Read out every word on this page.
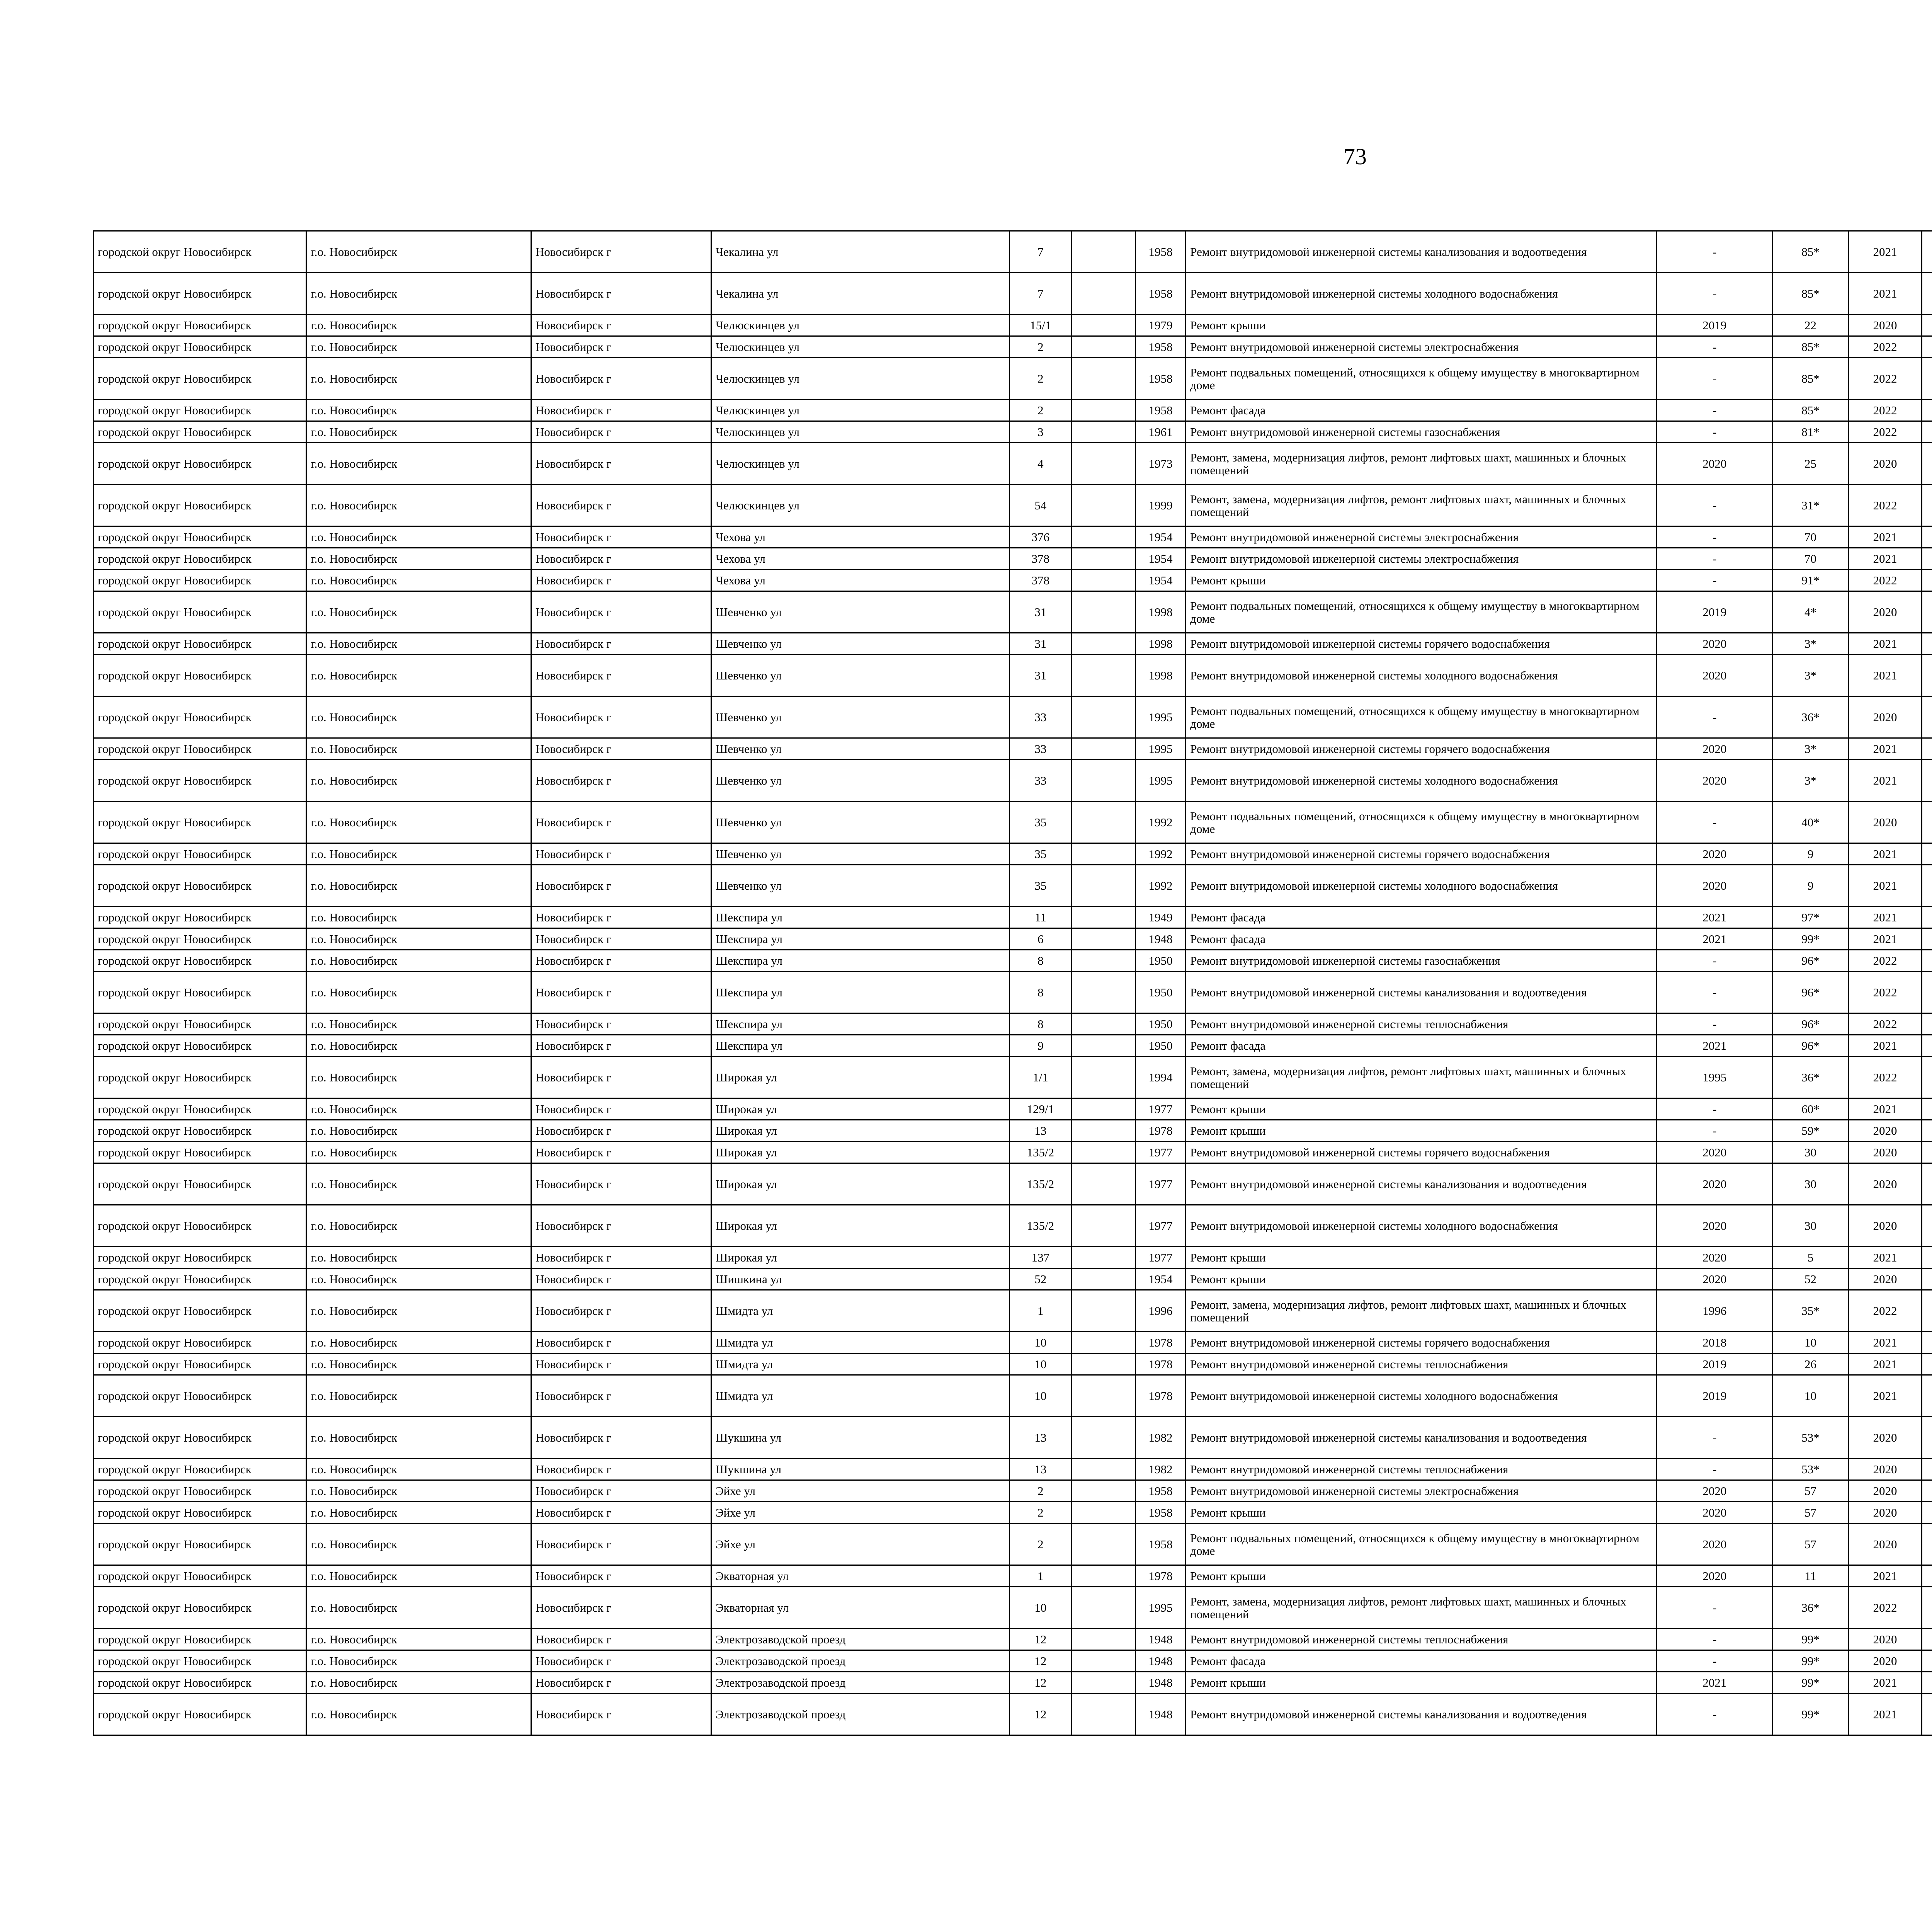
73
городской округ Новосибирск	г.о. Новосибирск	Новосибирск г	Чекалина ул	7		1958	Ремонт внутридомовой инженерной системы канализования и водоотведения	-	85*	2021							
городской округ Новосибирск	г.о. Новосибирск	Новосибирск г	Чекалина ул	7		1958	Ремонт внутридомовой инженерной системы холодного водоснабжения	-	85*	2021							
городской округ Новосибирск	г.о. Новосибирск	Новосибирск г	Челюскинцев ул	15/1		1979	Ремонт крыши	2019	22	2020							
городской округ Новосибирск	г.о. Новосибирск	Новосибирск г	Челюскинцев ул	2		1958	Ремонт внутридомовой инженерной системы электроснабжения	-	85*	2022							
городской округ Новосибирск	г.о. Новосибирск	Новосибирск г	Челюскинцев ул	2		1958	Ремонт подвальных помещений, относящихся к общему имуществу в многоквартирном доме	-	85*	2022							
городской округ Новосибирск	г.о. Новосибирск	Новосибирск г	Челюскинцев ул	2		1958	Ремонт фасада	-	85*	2022							
городской округ Новосибирск	г.о. Новосибирск	Новосибирск г	Челюскинцев ул	3		1961	Ремонт внутридомовой инженерной системы газоснабжения	-	81*	2022							
городской округ Новосибирск	г.о. Новосибирск	Новосибирск г	Челюскинцев ул	4		1973	Ремонт, замена, модернизация лифтов, ремонт лифтовых шахт, машинных и блочных помещений	2020	25	2020							
городской округ Новосибирск	г.о. Новосибирск	Новосибирск г	Челюскинцев ул	54		1999	Ремонт, замена, модернизация лифтов, ремонт лифтовых шахт, машинных и блочных помещений	-	31*	2022							
городской округ Новосибирск	г.о. Новосибирск	Новосибирск г	Чехова ул	376		1954	Ремонт внутридомовой инженерной системы электроснабжения	-	70	2021							
городской округ Новосибирск	г.о. Новосибирск	Новосибирск г	Чехова ул	378		1954	Ремонт внутридомовой инженерной системы электроснабжения	-	70	2021							
городской округ Новосибирск	г.о. Новосибирск	Новосибирск г	Чехова ул	378		1954	Ремонт крыши	-	91*	2022							
городской округ Новосибирск	г.о. Новосибирск	Новосибирск г	Шевченко ул	31		1998	Ремонт подвальных помещений, относящихся к общему имуществу в многоквартирном доме	2019	4*	2020							
городской округ Новосибирск	г.о. Новосибирск	Новосибирск г	Шевченко ул	31		1998	Ремонт внутридомовой инженерной системы горячего водоснабжения	2020	3*	2021							
городской округ Новосибирск	г.о. Новосибирск	Новосибирск г	Шевченко ул	31		1998	Ремонт внутридомовой инженерной системы холодного водоснабжения	2020	3*	2021							
городской округ Новосибирск	г.о. Новосибирск	Новосибирск г	Шевченко ул	33		1995	Ремонт подвальных помещений, относящихся к общему имуществу в многоквартирном доме	-	36*	2020							
городской округ Новосибирск	г.о. Новосибирск	Новосибирск г	Шевченко ул	33		1995	Ремонт внутридомовой инженерной системы горячего водоснабжения	2020	3*	2021							
городской округ Новосибирск	г.о. Новосибирск	Новосибирск г	Шевченко ул	33		1995	Ремонт внутридомовой инженерной системы холодного водоснабжения	2020	3*	2021							
городской округ Новосибирск	г.о. Новосибирск	Новосибирск г	Шевченко ул	35		1992	Ремонт подвальных помещений, относящихся к общему имуществу в многоквартирном доме	-	40*	2020							
городской округ Новосибирск	г.о. Новосибирск	Новосибирск г	Шевченко ул	35		1992	Ремонт внутридомовой инженерной системы горячего водоснабжения	2020	9	2021							
городской округ Новосибирск	г.о. Новосибирск	Новосибирск г	Шевченко ул	35		1992	Ремонт внутридомовой инженерной системы холодного водоснабжения	2020	9	2021							
городской округ Новосибирск	г.о. Новосибирск	Новосибирск г	Шекспира ул	11		1949	Ремонт фасада	2021	97*	2021							
городской округ Новосибирск	г.о. Новосибирск	Новосибирск г	Шекспира ул	6		1948	Ремонт фасада	2021	99*	2021							
городской округ Новосибирск	г.о. Новосибирск	Новосибирск г	Шекспира ул	8		1950	Ремонт внутридомовой инженерной системы газоснабжения	-	96*	2022							
городской округ Новосибирск	г.о. Новосибирск	Новосибирск г	Шекспира ул	8		1950	Ремонт внутридомовой инженерной системы канализования и водоотведения	-	96*	2022							
городской округ Новосибирск	г.о. Новосибирск	Новосибирск г	Шекспира ул	8		1950	Ремонт внутридомовой инженерной системы теплоснабжения	-	96*	2022							
городской округ Новосибирск	г.о. Новосибирск	Новосибирск г	Шекспира ул	9		1950	Ремонт фасада	2021	96*	2021							
городской округ Новосибирск	г.о. Новосибирск	Новосибирск г	Широкая ул	1/1		1994	Ремонт, замена, модернизация лифтов, ремонт лифтовых шахт, машинных и блочных помещений	1995	36*	2022							
городской округ Новосибирск	г.о. Новосибирск	Новосибирск г	Широкая ул	129/1		1977	Ремонт крыши	-	60*	2021							
городской округ Новосибирск	г.о. Новосибирск	Новосибирск г	Широкая ул	13		1978	Ремонт крыши	-	59*	2020							
городской округ Новосибирск	г.о. Новосибирск	Новосибирск г	Широкая ул	135/2		1977	Ремонт внутридомовой инженерной системы горячего водоснабжения	2020	30	2020							
городской округ Новосибирск	г.о. Новосибирск	Новосибирск г	Широкая ул	135/2		1977	Ремонт внутридомовой инженерной системы канализования и водоотведения	2020	30	2020							
городской округ Новосибирск	г.о. Новосибирск	Новосибирск г	Широкая ул	135/2		1977	Ремонт внутридомовой инженерной системы холодного водоснабжения	2020	30	2020							
городской округ Новосибирск	г.о. Новосибирск	Новосибирск г	Широкая ул	137		1977	Ремонт крыши	2020	5	2021							
городской округ Новосибирск	г.о. Новосибирск	Новосибирск г	Шишкина ул	52		1954	Ремонт крыши	2020	52	2020							
городской округ Новосибирск	г.о. Новосибирск	Новосибирск г	Шмидта ул	1		1996	Ремонт, замена, модернизация лифтов, ремонт лифтовых шахт, машинных и блочных помещений	1996	35*	2022							
городской округ Новосибирск	г.о. Новосибирск	Новосибирск г	Шмидта ул	10		1978	Ремонт внутридомовой инженерной системы горячего водоснабжения	2018	10	2021							
городской округ Новосибирск	г.о. Новосибирск	Новосибирск г	Шмидта ул	10		1978	Ремонт внутридомовой инженерной системы теплоснабжения	2019	26	2021							
городской округ Новосибирск	г.о. Новосибирск	Новосибирск г	Шмидта ул	10		1978	Ремонт внутридомовой инженерной системы холодного водоснабжения	2019	10	2021							
городской округ Новосибирск	г.о. Новосибирск	Новосибирск г	Шукшина ул	13		1982	Ремонт внутридомовой инженерной системы канализования и водоотведения	-	53*	2020							
городской округ Новосибирск	г.о. Новосибирск	Новосибирск г	Шукшина ул	13		1982	Ремонт внутридомовой инженерной системы теплоснабжения	-	53*	2020							
городской округ Новосибирск	г.о. Новосибирск	Новосибирск г	Эйхе ул	2		1958	Ремонт внутридомовой инженерной системы электроснабжения	2020	57	2020							
городской округ Новосибирск	г.о. Новосибирск	Новосибирск г	Эйхе ул	2		1958	Ремонт крыши	2020	57	2020							
городской округ Новосибирск	г.о. Новосибирск	Новосибирск г	Эйхе ул	2		1958	Ремонт подвальных помещений, относящихся к общему имуществу в многоквартирном доме	2020	57	2020							
городской округ Новосибирск	г.о. Новосибирск	Новосибирск г	Экваторная ул	1		1978	Ремонт крыши	2020	11	2021							
городской округ Новосибирск	г.о. Новосибирск	Новосибирск г	Экваторная ул	10		1995	Ремонт, замена, модернизация лифтов, ремонт лифтовых шахт, машинных и блочных помещений	-	36*	2022							
городской округ Новосибирск	г.о. Новосибирск	Новосибирск г	Электрозаводской проезд	12		1948	Ремонт внутридомовой инженерной системы теплоснабжения	-	99*	2020							
городской округ Новосибирск	г.о. Новосибирск	Новосибирск г	Электрозаводской проезд	12		1948	Ремонт фасада	-	99*	2020							
городской округ Новосибирск	г.о. Новосибирск	Новосибирск г	Электрозаводской проезд	12		1948	Ремонт крыши	2021	99*	2021							
городской округ Новосибирск	г.о. Новосибирск	Новосибирск г	Электрозаводской проезд	12		1948	Ремонт внутридомовой инженерной системы канализования и водоотведения	-	99*	2021							
